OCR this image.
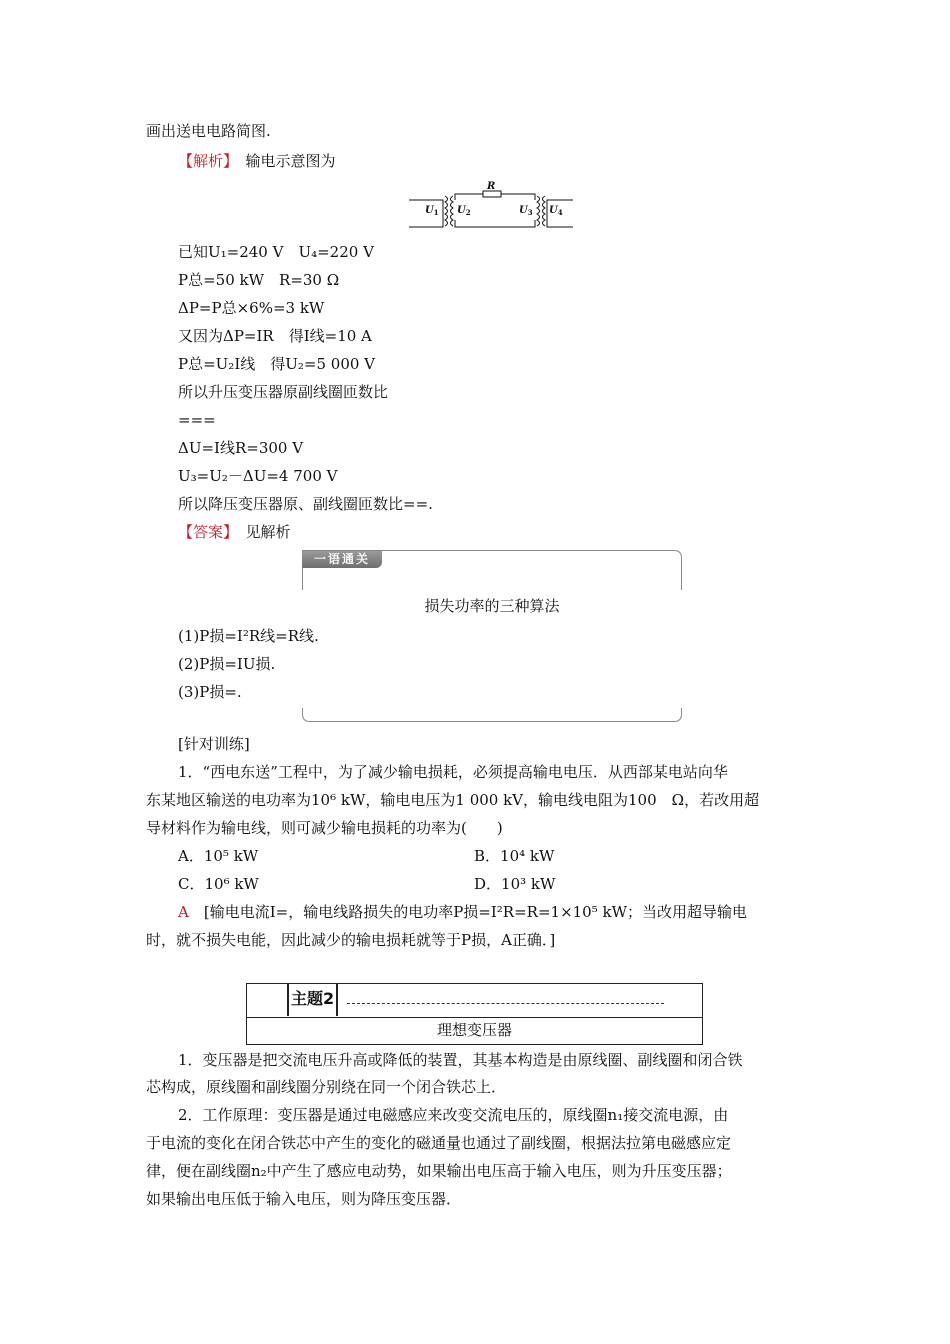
画出送电电路简图.
【解析】　 输电示意图为
R
$U_1$ $U_2$	$U_3$ $U_4$
已知U₁=240 V　U₄=220 V
P总=50 kW　R=30 Ω
ΔP=P总×6%=3 kW
又因为ΔP=IR　得I线=10 A
P总=U₂I线　得U₂=5 000 V
所以升压变压器原副线圈匝数比
===
ΔU=I线R=300 V
U₃=U₂－ΔU=4 700 V
所以降压变压器原、副线圈匝数比==.
【答案】　 见解析
一语通关
损失功率的三种算法
(1)P损=I²R线=R线.
(2)P损=IU损.
(3)P损=.
[针对训练]
1．“西电东送”工程中，为了减少输电损耗，必须提高输电电压．从西部某电站向华
东某地区输送的电功率为10⁶ kW，输电电压为1 000 kV，输电线电阻为100　Ω，若改用超
导材料作为输电线，则可减少输电损耗的功率为(　　)
A．10⁵ kW	B．10⁴ kW
C．10⁶ kW	D．10³ kW
A　 [输电电流I=，输电线路损失的电功率P损=I²R=R=1×10⁵ kW；当改用超导输电
时，就不损失电能，因此减少的输电损耗就等于P损，A正确．]
主题2
理想变压器
1．变压器是把交流电压升高或降低的装置，其基本构造是由原线圈、副线圈和闭合铁
芯构成，原线圈和副线圈分别绕在同一个闭合铁芯上．
2．工作原理：变压器是通过电磁感应来改变交流电压的，原线圈n₁接交流电源，由
于电流的变化在闭合铁芯中产生的变化的磁通量也通过了副线圈，根据法拉第电磁感应定
律，便在副线圈n₂中产生了感应电动势，如果输出电压高于输入电压，则为升压变压器；
如果输出电压低于输入电压，则为降压变压器．
